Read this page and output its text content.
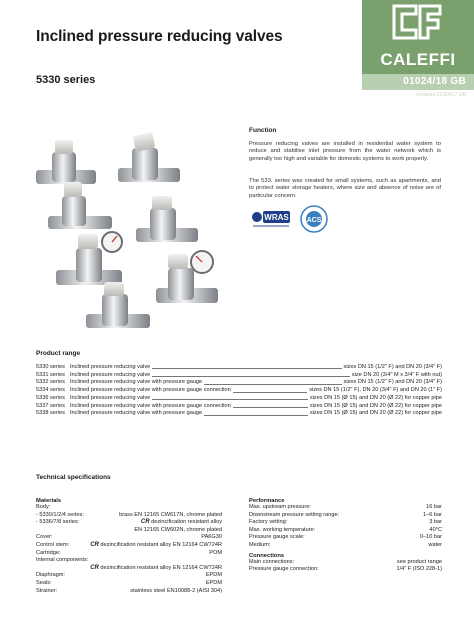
Inclined pressure reducing valves
5330 series
CALEFFI
01024/18 GB
replaces 01024/17 GB
Function
Pressure reducing valves are installed in residential water system to reduce and stabilise inlet pressure from the water network which is generally too high and variable for domestic systems to work properly.
The 533. series was created for small systems, such as apartments, and to protect water storage heaters, where size and absence of noise are of particular concern.
WRAS	ACS
Product range
5330 series Inclined pressure reducing valve	sizes DN 15 (1/2" F) and DN 20 (3/4" F)
5331 series Inclined pressure reducing valve	size DN 20 (3/4" M x 3/4" F with nut)
5332 series Inclined pressure reducing valve with pressure gauge	sizes DN 15 (1/2" F) and DN 20 (3/4" F)
5334 series Inclined pressure reducing valve with pressure gauge connection	sizes DN 15 (1/2" F), DN 20 (3/4" F) and DN 20 (1" F)
5336 series Inclined pressure reducing valve	sizes DN 15 (Ø 15) and DN 20 (Ø 22) for copper pipe
5337 series Inclined pressure reducing valve with pressure gauge connection	sizes DN 15 (Ø 15) and DN 20 (Ø 22) for copper pipe
5338 series Inclined pressure reducing valve with pressure gauge	sizes DN 15 (Ø 15) and DN 20 (Ø 22) for copper pipe
Technical specifications
Materials
Body:
- 5330/1/2/4 series:	brass EN 12165 CW617N, chrome plated
- 5336/7/8 series:	CR dezincification resistant alloy
EN 12165 CW602N, chrome plated
Cover:	PA6G30
Control stem:	CR dezincification resistant alloy EN 12164 CW724R
Cartridge:	POM
Internal components:
CR dezincification resistant alloy EN 12164 CW724R
Diaphragm:	EPDM
Seals:	EPDM
Strainer:	stainless steel EN10088-2 (AISI 304)
Performance
Max. upstream pressure:	16 bar
Downstream pressure setting range:	1–6 bar
Factory setting:	3 bar
Max. working temperature:	40°C
Pressure gauge scale:	0–10 bar
Medium:	water
Connections
Main connections:	see product range
Pressure gauge connection:	1/4" F (ISO 228-1)
